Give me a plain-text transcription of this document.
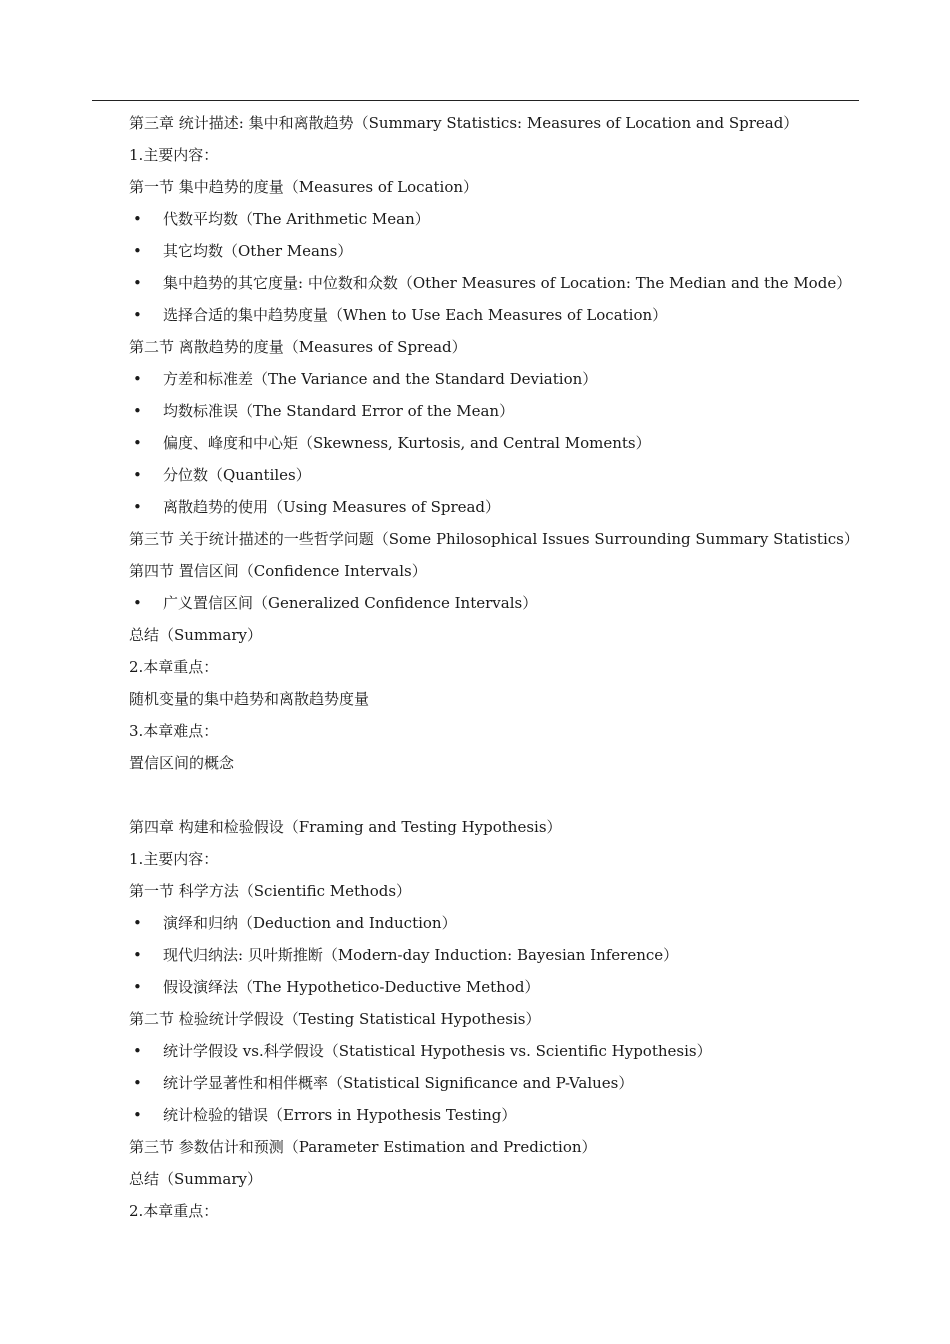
第三章 统计描述: 集中和离散趋势（Summary Statistics: Measures of Location and Spread）
1.主要内容：
第一节 集中趋势的度量（Measures of Location）
•	代数平均数（The Arithmetic Mean）
•	其它均数（Other Means）
•	集中趋势的其它度量: 中位数和众数（Other Measures of Location: The Median and the Mode）
•	选择合适的集中趋势度量（When to Use Each Measures of Location）
第二节 离散趋势的度量（Measures of Spread）
•	方差和标准差（The Variance and the Standard Deviation）
•	均数标准误（The Standard Error of the Mean）
•	偏度、峰度和中心矩（Skewness, Kurtosis, and Central Moments）
•	分位数（Quantiles）
•	离散趋势的使用（Using Measures of Spread）
第三节 关于统计描述的一些哲学问题（Some Philosophical Issues Surrounding Summary Statistics）
第四节 置信区间（Confidence Intervals）
•	广义置信区间（Generalized Confidence Intervals）
总结（Summary）
2.本章重点：
随机变量的集中趋势和离散趋势度量
3.本章难点：
置信区间的概念
第四章 构建和检验假设（Framing and Testing Hypothesis）
1.主要内容：
第一节 科学方法（Scientific Methods）
•	演绎和归纳（Deduction and Induction）
•	现代归纳法: 贝叶斯推断（Modern-day Induction: Bayesian Inference）
•	假设演绎法（The Hypothetico-Deductive Method）
第二节 检验统计学假设（Testing Statistical Hypothesis）
•	统计学假设 vs.科学假设（Statistical Hypothesis vs. Scientific Hypothesis）
•	统计学显著性和相伴概率（Statistical Significance and P-Values）
•	统计检验的错误（Errors in Hypothesis Testing）
第三节 参数估计和预测（Parameter Estimation and Prediction）
总结（Summary）
2.本章重点：
